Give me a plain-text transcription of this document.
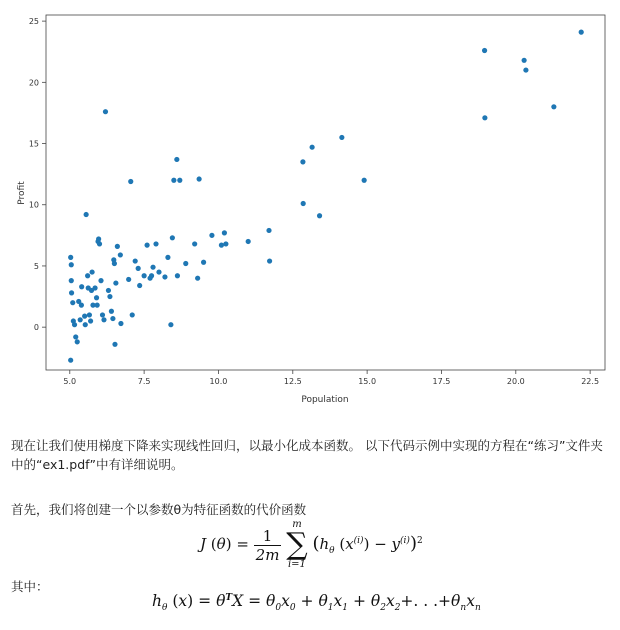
5.0	7.5	10.0	12.5	15.0	17.5	20.0	22.5
0
5
10
15
20
25
Population
Profit
现在让我们使用梯度下降来实现线性回归，以最小化成本函数。 以下代码示例中实现的方程在“练习”文件夹中的“ex1.pdf”中有详细说明。
首先，我们将创建一个以参数θ为特征函数的代价函数
J $(\theta) = \frac{1}{2m}$

m
∑
i=1
($h_\theta$ $(x^{(i)}) - y^{(i)})^2$
其中：
$h_\theta$ $(x) = \theta^TX = \theta_0x_0 + \theta_1x_1 + \theta_2x_2+$. . $.+\theta_nx_n$
